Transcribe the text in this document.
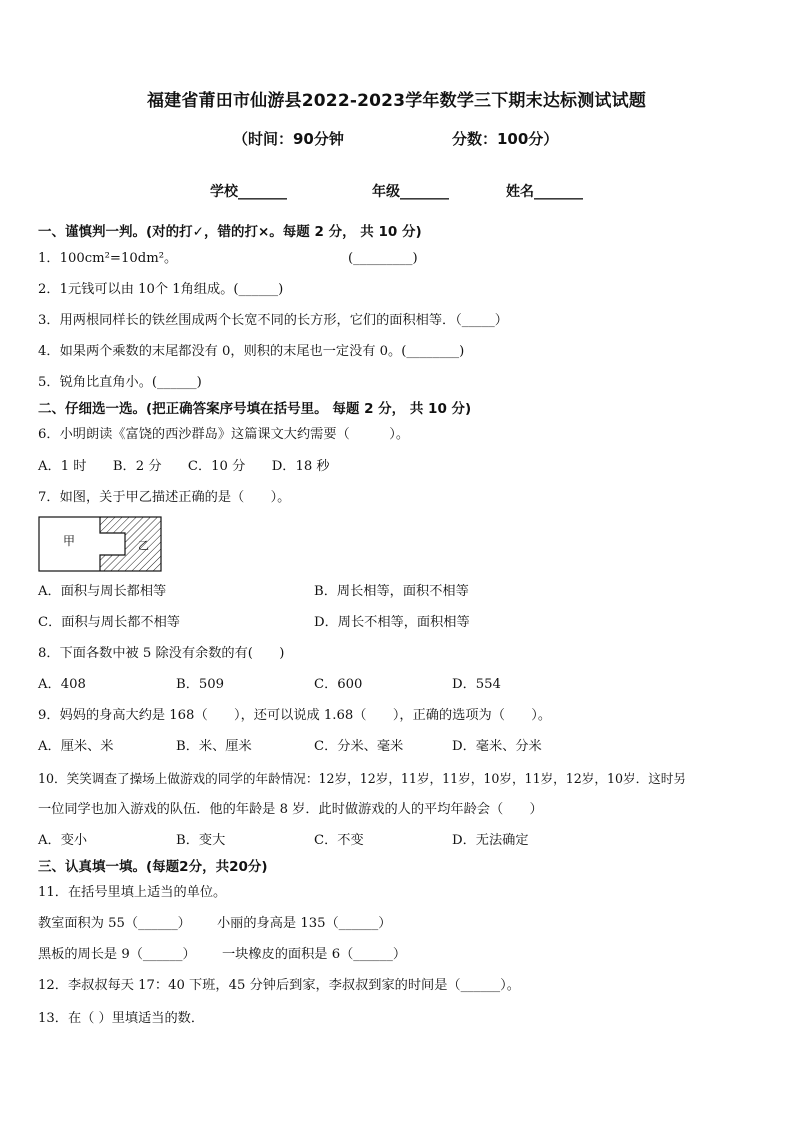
福建省莆田市仙游县2022-2023学年数学三下期末达标测试试题
（时间：90分钟	分数：100分）
学校_______	年级_______	姓名_______
一、谨慎判一判。(对的打✓，错的打×。每题 2 分， 共 10 分)
1．100cm²=10dm²。	(_________)
2．1元钱可以由 10个 1角组成。(______)
3．用两根同样长的铁丝围成两个长宽不同的长方形，它们的面积相等．（_____）
4．如果两个乘数的末尾都没有 0，则积的末尾也一定没有 0。(________)
5．锐角比直角小。(______)
二、仔细选一选。(把正确答案序号填在括号里。 每题 2 分， 共 10 分)
6．小明朗读《富饶的西沙群岛》这篇课文大约需要（　　　）。
A．1 时　　B．2 分　　C．10 分　　D．18 秒
7．如图，关于甲乙描述正确的是（　　）。
甲	乙
A．面积与周长都相等	B．周长相等，面积不相等
C．面积与周长都不相等	D．周长不相等，面积相等
8．下面各数中被 5 除没有余数的有(　　)
A．408	B．509	C．600	D．554
9．妈妈的身高大约是 168（　　），还可以说成 1.68（　　），正确的选项为（　　）。
A．厘米、米	B．米、厘米	C．分米、毫米	D．毫米、分米
10．笑笑调查了操场上做游戏的同学的年龄情况：12岁，12岁，11岁，11岁，10岁，11岁，12岁，10岁．这时另
一位同学也加入游戏的队伍．他的年龄是 8 岁．此时做游戏的人的平均年龄会（　　）
A．变小	B．变大	C．不变	D．无法确定
三、认真填一填。(每题2分，共20分)
11．在括号里填上适当的单位。
教室面积为 55（______） 小丽的身高是 135（______）
黑板的周长是 9（______） 一块橡皮的面积是 6（______）
12．李叔叔每天 17：40 下班，45 分钟后到家，李叔叔到家的时间是（______）。
13．在（ ）里填适当的数．
